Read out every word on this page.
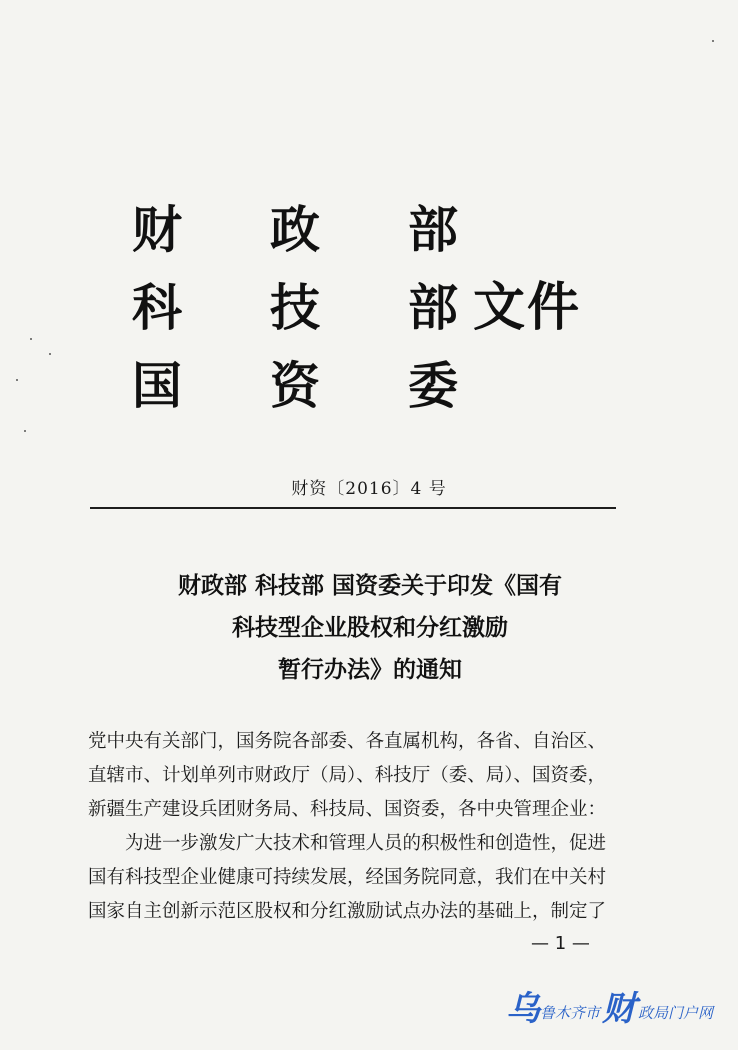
财 政 部
科 技 部
国 资 委
文件
财资〔2016〕4 号
财政部 科技部 国资委关于印发《国有
科技型企业股权和分红激励
暂行办法》的通知

党中央有关部门，国务院各部委、各直属机构，各省、自治区、

直辖市、计划单列市财政厅（局）、科技厅（委、局）、国资委，

新疆生产建设兵团财务局、科技局、国资委，各中央管理企业：

为进一步激发广大技术和管理人员的积极性和创造性，促进

国有科技型企业健康可持续发展，经国务院同意，我们在中关村

国家自主创新示范区股权和分红激励试点办法的基础上，制定了

— 1 —
乌 鲁木齐市 财 政局门户网
